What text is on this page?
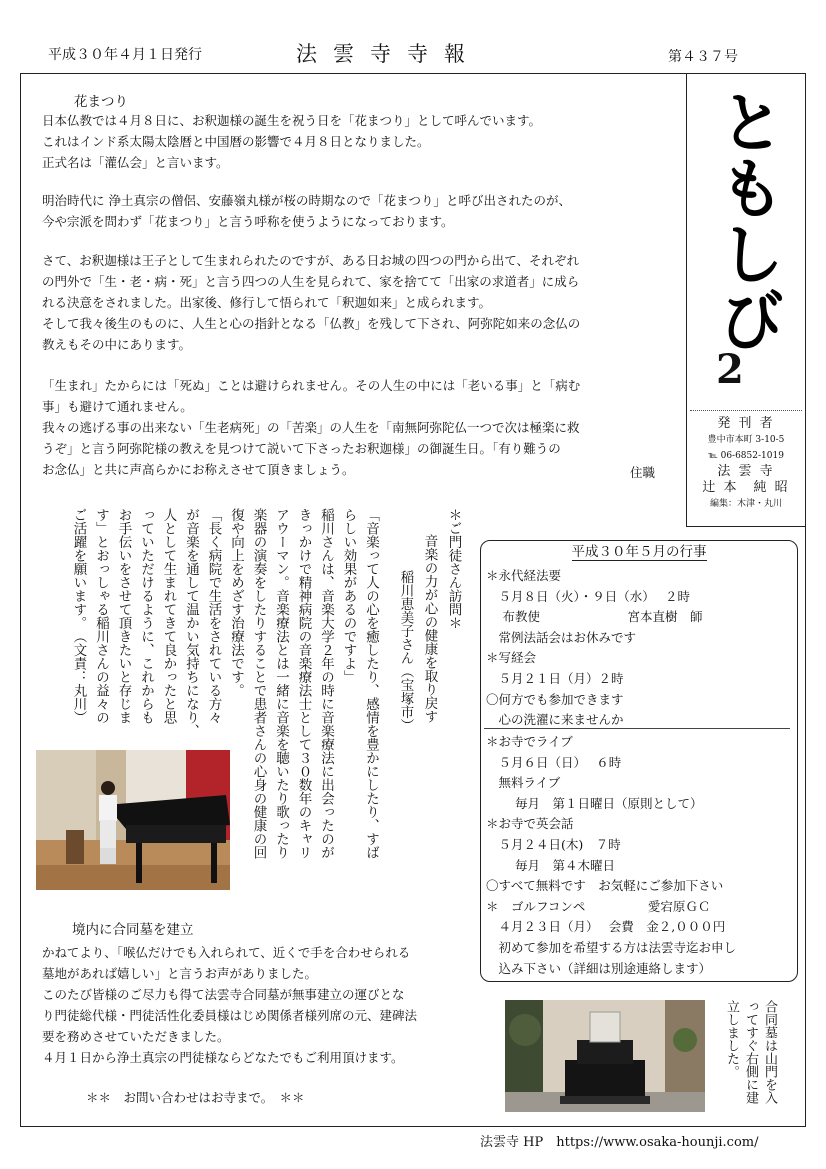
平成３０年４月１日発行	法雲寺寺報	第４３７号
ともしび
2
発 刊 者
豊中市本町 3-10-5
℡ 06-6852-1019
法 雲 寺
辻 本　純 昭
編集：木津・丸川
花まつり
日本仏教では４月８日に、お釈迦様の誕生を祝う日を「花まつり」として呼んでいます。
これはインド系太陽太陰暦と中国暦の影響で４月８日となりました。
正式名は「灌仏会」と言います。
明治時代に 浄土真宗の僧侶、安藤嶺丸様が桜の時期なので「花まつり」と呼び出されたのが、
今や宗派を問わず「花まつり」と言う呼称を使うようになっております。
さて、お釈迦様は王子として生まれられたのですが、ある日お城の四つの門から出て、それぞれ
の門外で「生・老・病・死」と言う四つの人生を見られて、家を捨てて「出家の求道者」に成ら
れる決意をされました。出家後、修行して悟られて「釈迦如来」と成られます。
そして我々後生のものに、人生と心の指針となる「仏教」を残して下され、阿弥陀如来の念仏の
教えもその中にあります。
「生まれ」たからには「死ぬ」ことは避けられません。その人生の中には「老いる事」と「病む
事」も避けて通れません。
我々の逃げる事の出来ない「生老病死」の「苦楽」の人生を「南無阿弥陀仏一つで次は極楽に救
うぞ」と言う阿弥陀様の教えを見つけて説いて下さったお釈迦様」の御誕生日。「有り難うの
お念仏」と共に声高らかにお称えさせて頂きましょう。	住職
＊ご門徒さん訪問＊
音楽の力が心の健康を取り戻す
稲川恵美子さん（宝塚市）
「音楽って人の心を癒したり、感情を豊かにしたり、すば
らしい効果があるのですよ」
稲川さんは、音楽大学２年の時に音楽療法に出会ったのが
きっかけで精神病院の音楽療法士として３０数年のキャリ
アウーマン。音楽療法とは一緒に音楽を聴いたり歌ったり
楽器の演奏をしたりすることで患者さんの心身の健康の回
復や向上をめざす治療法です。
「長く病院で生活をされている方々
が音楽を通して温かい気持ちになり、
人として生まれてきて良かったと思
っていただけるように、これからも
お手伝いをさせて頂きたいと存じま
す」とおっしゃる稲川さんの益々の
ご活躍を願います。　（文責：丸川）
平成３０年５月の行事
＊永代経法要
　５月８日（火）・９日（水）　 ２時
　 布教使　　　　　　　宮本直樹　師
　常例法話会はお休みです
＊写経会
　５月２１日（月）２時
〇何方でも参加できます
　心の洗濯に来ませんか
＊お寺でライブ
　５月６日（日）　 ６時
　無料ライブ
　　 毎月　第１日曜日（原則として）
＊お寺で英会話
　５月２４日(木)　７時
　　 毎月　第４木曜日
〇すべて無料です　お気軽にご参加下さい
＊　ゴルフコンペ　　　　　愛宕原ＧＣ
　４月２３日（月）　 会費　金２,０００円
　初めて参加を希望する方は法雲寺迄お申し
　込み下さい（詳細は別途連絡します）
境内に合同墓を建立
かねてより、「喉仏だけでも入れられて、近くで手を合わせられる
墓地があれば嬉しい」と言うお声がありました。
このたび皆様のご尽力も得て法雲寺合同墓が無事建立の運びとな
り門徒総代様・門徒活性化委員様はじめ関係者様列席の元、建碑法
要を務めさせていただきました。
４月１日から浄土真宗の門徒様ならどなたでもご利用頂けます。
＊＊　お問い合わせはお寺まで。　＊＊	合同墓は山門を入
ってすぐ右側に建
立しました。
法雲寺 HP　https://www.osaka-hounji.com/
